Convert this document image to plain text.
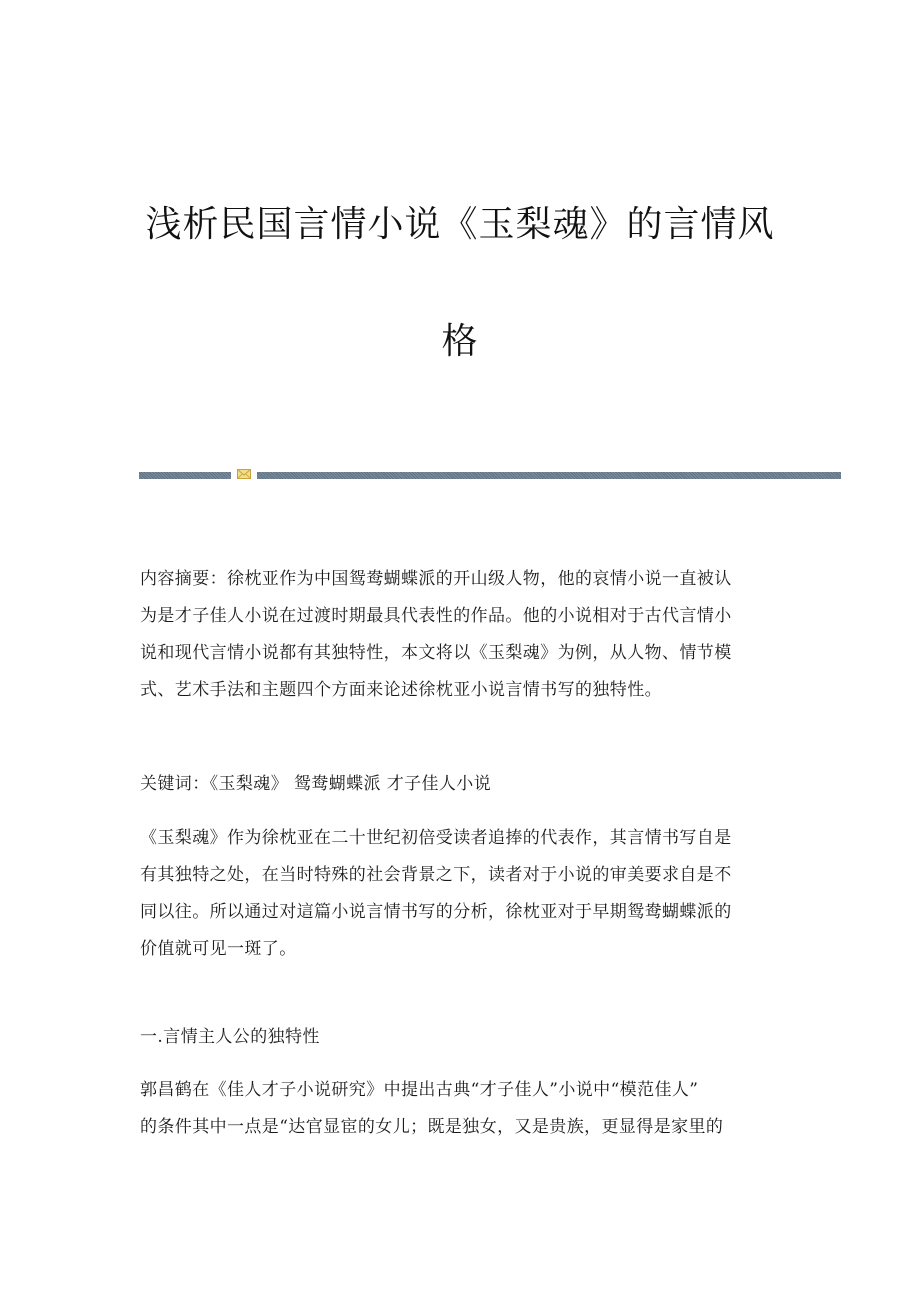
浅析民国言情小说《玉梨魂》的言情风
格
内容摘要：徐枕亚作为中国鸳鸯蝴蝶派的开山级人物，他的哀情小说一直被认
为是才子佳人小说在过渡时期最具代表性的作品。他的小说相对于古代言情小
说和现代言情小说都有其独特性，本文将以《玉梨魂》为例，从人物、情节模
式、艺术手法和主题四个方面来论述徐枕亚小说言情书写的独特性。
关键词：《玉梨魂》 鸳鸯蝴蝶派 才子佳人小说
《玉梨魂》作为徐枕亚在二十世纪初倍受读者追捧的代表作，其言情书写自是
有其独特之处，在当时特殊的社会背景之下，读者对于小说的审美要求自是不
同以往。所以通过对這篇小说言情书写的分析，徐枕亚对于早期鸳鸯蝴蝶派的
价值就可见一斑了。
一.言情主人公的独特性
郭昌鹤在《佳人才子小说研究》中提出古典“才子佳人”小说中“模范佳人”
的条件其中一点是“达官显宦的女儿；既是独女，又是贵族，更显得是家里的
